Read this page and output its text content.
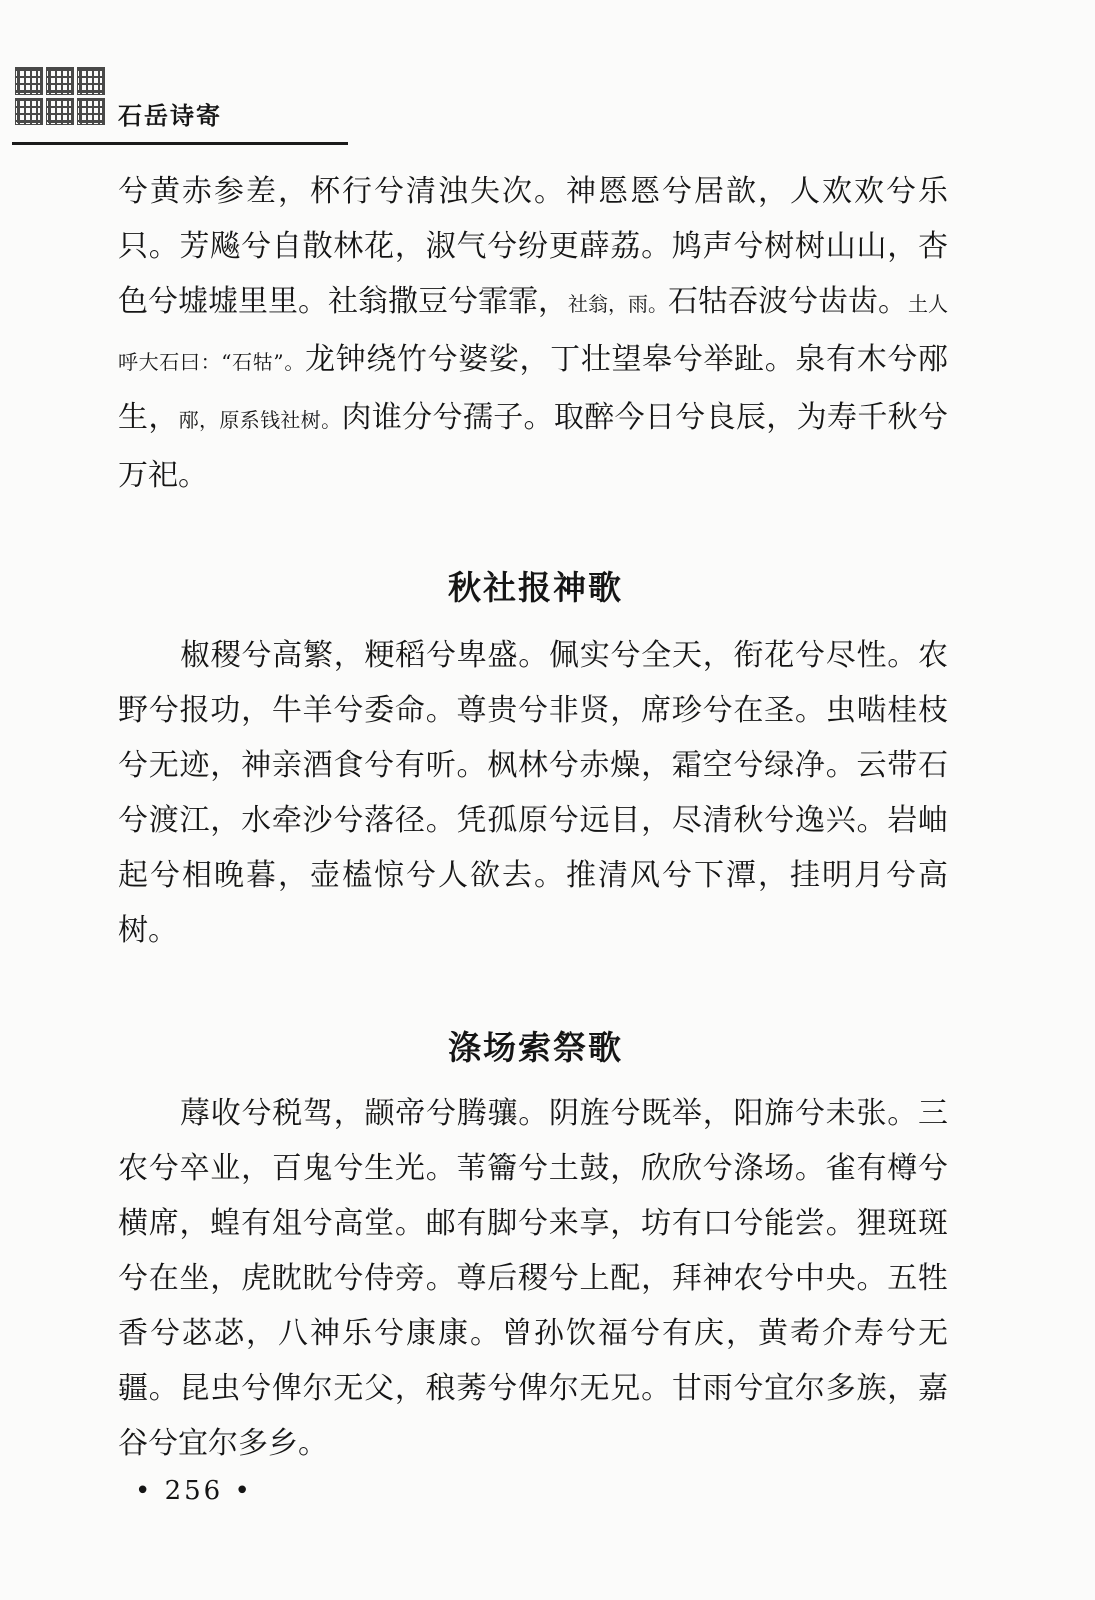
石岳诗寄

兮黄赤参差，杯行兮清浊失次。神㥦㥦兮居歆，人欢欢兮乐只。芳飚兮自散林花，淑气兮纷更薜荔。鸠声兮树树山山，杏色兮墟墟里里。社翁撒豆兮霏霏，社翁，雨。石牯吞波兮齿齿。土人呼大石曰：“石牯”。龙钟绕竹兮婆娑，丁壮望皋兮举趾。泉有木兮邴生，邴，原系钱社树。肉谁分兮孺子。取醉今日兮良辰，为寿千秋兮万祀。

秋社报神歌

椒稷兮高繁，粳稻兮卑盛。佩实兮全天，衔花兮尽性。农野兮报功，牛羊兮委命。尊贵兮非贤，席珍兮在圣。虫啮桂枝兮无迹，神亲酒食兮有听。枫林兮赤燥，霜空兮绿净。云带石兮渡江，水牵沙兮落径。凭孤原兮远目，尽清秋兮逸兴。岩岫起兮相晚暮，壶榼惊兮人欲去。推清风兮下潭，挂明月兮高树。

涤场索祭歌

蓐收兮税驾，颛帝兮腾骧。阴旌兮既举，阳旆兮未张。三农兮卒业，百鬼兮生光。苇籥兮土鼓，欣欣兮涤场。雀有樽兮横席，蝗有俎兮高堂。邮有脚兮来享，坊有口兮能尝。狸斑斑兮在坐，虎眈眈兮侍旁。尊后稷兮上配，拜神农兮中央。五牲香兮苾苾，八神乐兮康康。曾孙饮福兮有庆，黄耇介寿兮无疆。昆虫兮俾尔无父，稂莠兮俾尔无兄。甘雨兮宜尔多族，嘉谷兮宜尔多乡。

• 256 •
